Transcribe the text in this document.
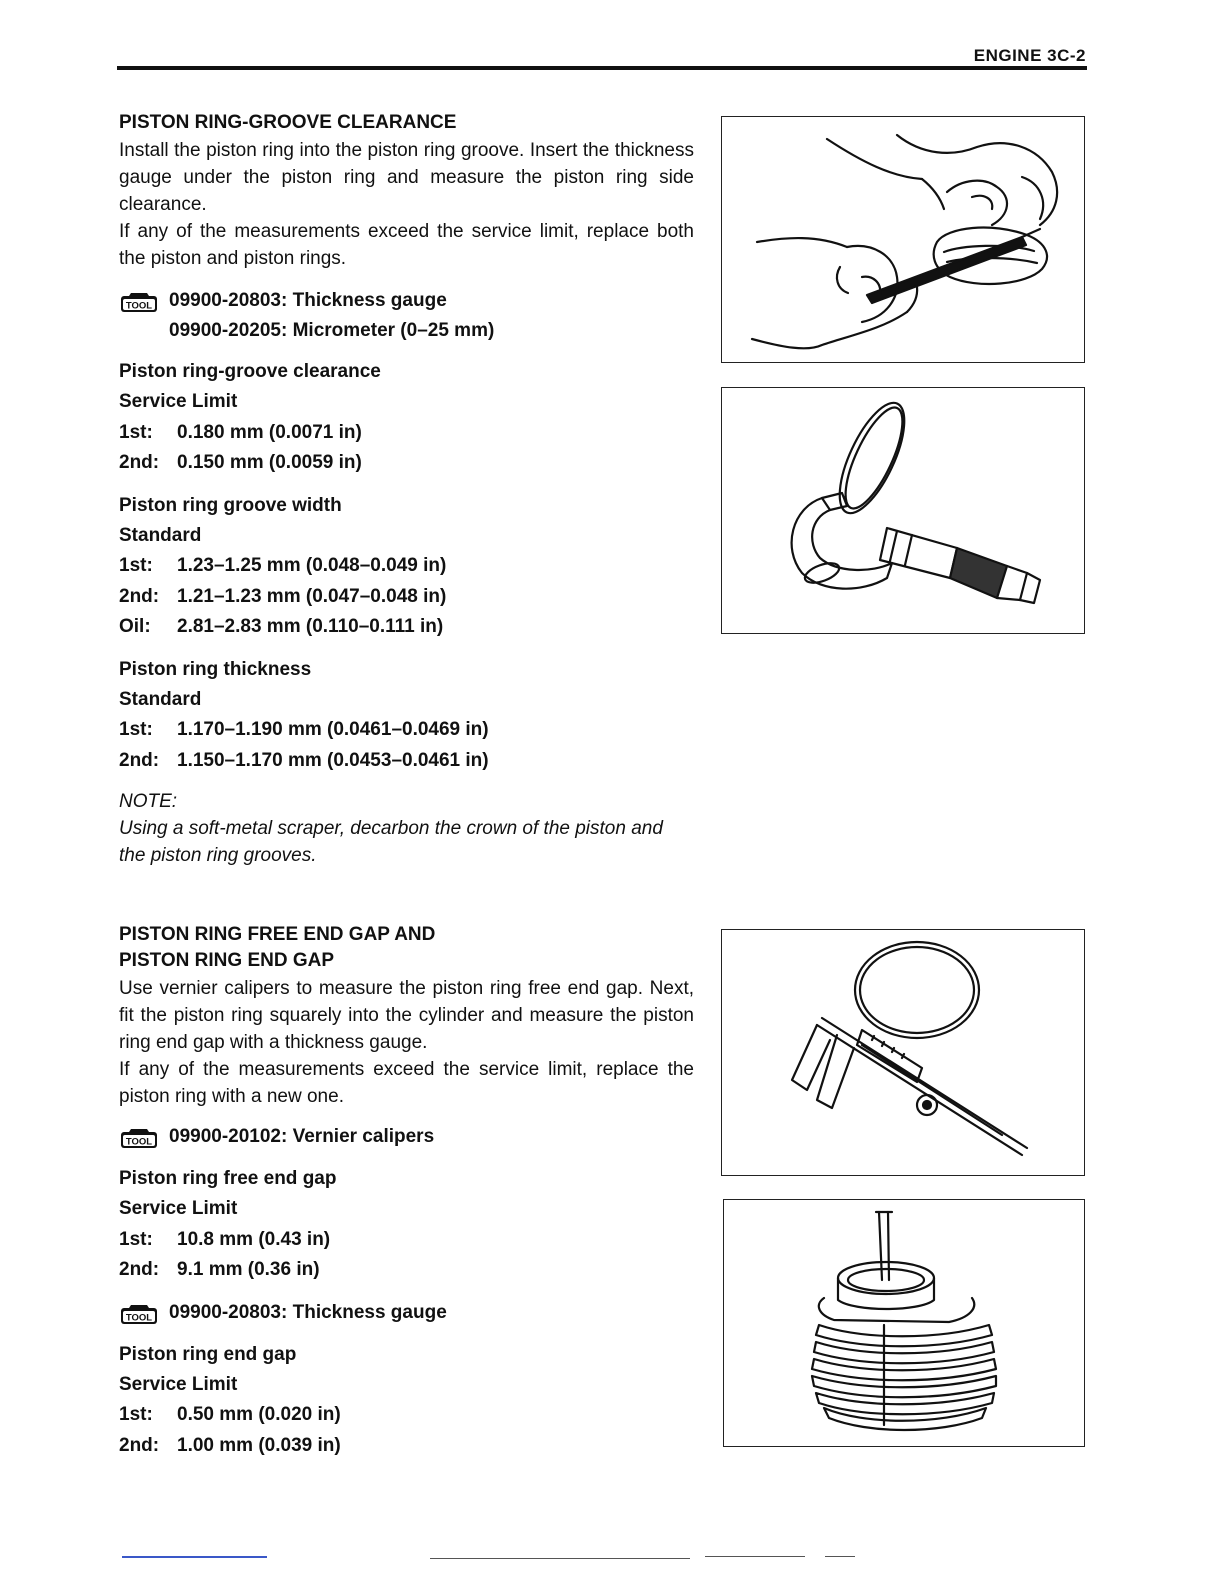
ENGINE 3C-2
PISTON RING-GROOVE CLEARANCE
Install the piston ring into the piston ring groove. Insert the thickness gauge under the piston ring and measure the piston ring side clearance.
If any of the measurements exceed the service limit, replace both the piston and piston rings.
TOOL 09900-20803: Thickness gauge
09900-20205: Micrometer (0–25 mm)
Piston ring-groove clearance
Service Limit
1st:	0.180 mm (0.0071 in)
2nd: 0.150 mm (0.0059 in)
Piston ring groove width
Standard
1st:	1.23–1.25 mm (0.048–0.049 in)
2nd: 1.21–1.23 mm (0.047–0.048 in)
Oil:	2.81–2.83 mm (0.110–0.111 in)
Piston ring thickness
Standard
1st:	1.170–1.190 mm (0.0461–0.0469 in)
2nd: 1.150–1.170 mm (0.0453–0.0461 in)
NOTE:
Using a soft-metal scraper, decarbon the crown of the piston and the piston ring grooves.
PISTON RING FREE END GAP AND
PISTON RING END GAP
Use vernier calipers to measure the piston ring free end gap. Next, fit the piston ring squarely into the cylinder and measure the piston ring end gap with a thickness gauge.
If any of the measurements exceed the service limit, replace the piston ring with a new one.
TOOL 09900-20102: Vernier calipers
Piston ring free end gap
Service Limit
1st:	10.8 mm (0.43 in)
2nd: 9.1 mm (0.36 in)
TOOL 09900-20803: Thickness gauge
Piston ring end gap
Service Limit
1st:	0.50 mm (0.020 in)
2nd: 1.00 mm (0.039 in)
